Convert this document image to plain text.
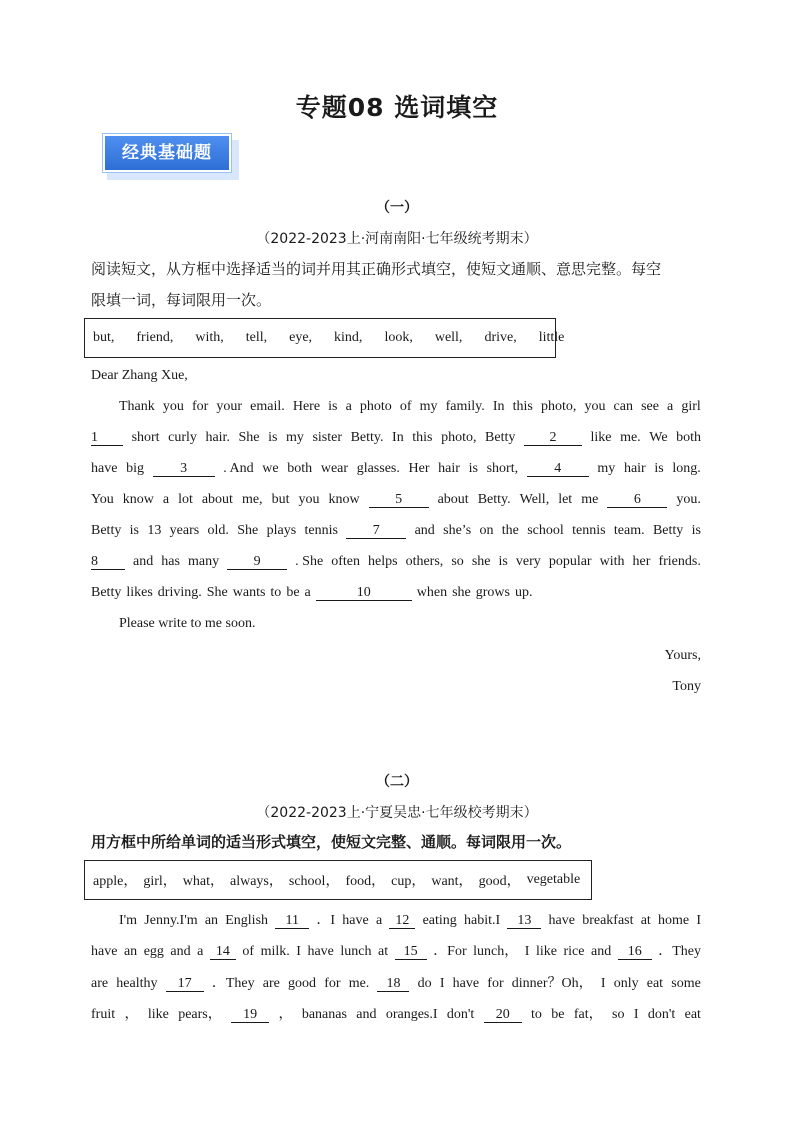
专题08 选词填空
经典基础题
（一）
（2022-2023上·河南南阳·七年级统考期末）
阅读短文，从方框中选择适当的词并用其正确形式填空，使短文通顺、意思完整。每空
限填一词，每词限用一次。
but, friend, with, tell, eye, kind, look, well, drive, little
Dear Zhang Xue,
Thank you for your email. Here is a photo of my family. In this photo, you can see a girl
1	short curly hair. She is my sister Betty. In this photo, Betty	2	like me. We both
have big	3	. And we both wear glasses. Her hair is short,	4	my hair is long.
You know a lot about me, but you know	5	about Betty. Well, let me	6	you.
Betty is 13 years old. She plays tennis	7	and she’s on the school tennis team. Betty is
8	and has many	9	. She often helps others, so she is very popular with her friends.
Betty likes driving. She wants to be a	10	when she grows up.
Please write to me soon.
Yours,
Tony
（二）
（2022-2023上·宁夏吴忠·七年级校考期末）
用方框中所给单词的适当形式填空，使短文完整、通顺。每词限用一次。
apple， girl， what， always， school， food， cup， want， good， vegetable
I'm Jenny.I'm an English	11	．I have a 12 eating habit.I	13	have breakfast at home I
have an egg and a 14 of milk. I have lunch at	15	．For lunch， I like rice and	16	．They
are healthy	17	．They are good for me.	18	do I have for dinner？Oh， I only eat some
fruit ， like pears，	19	， bananas and oranges.I don't	20	to be fat， so I don't eat
